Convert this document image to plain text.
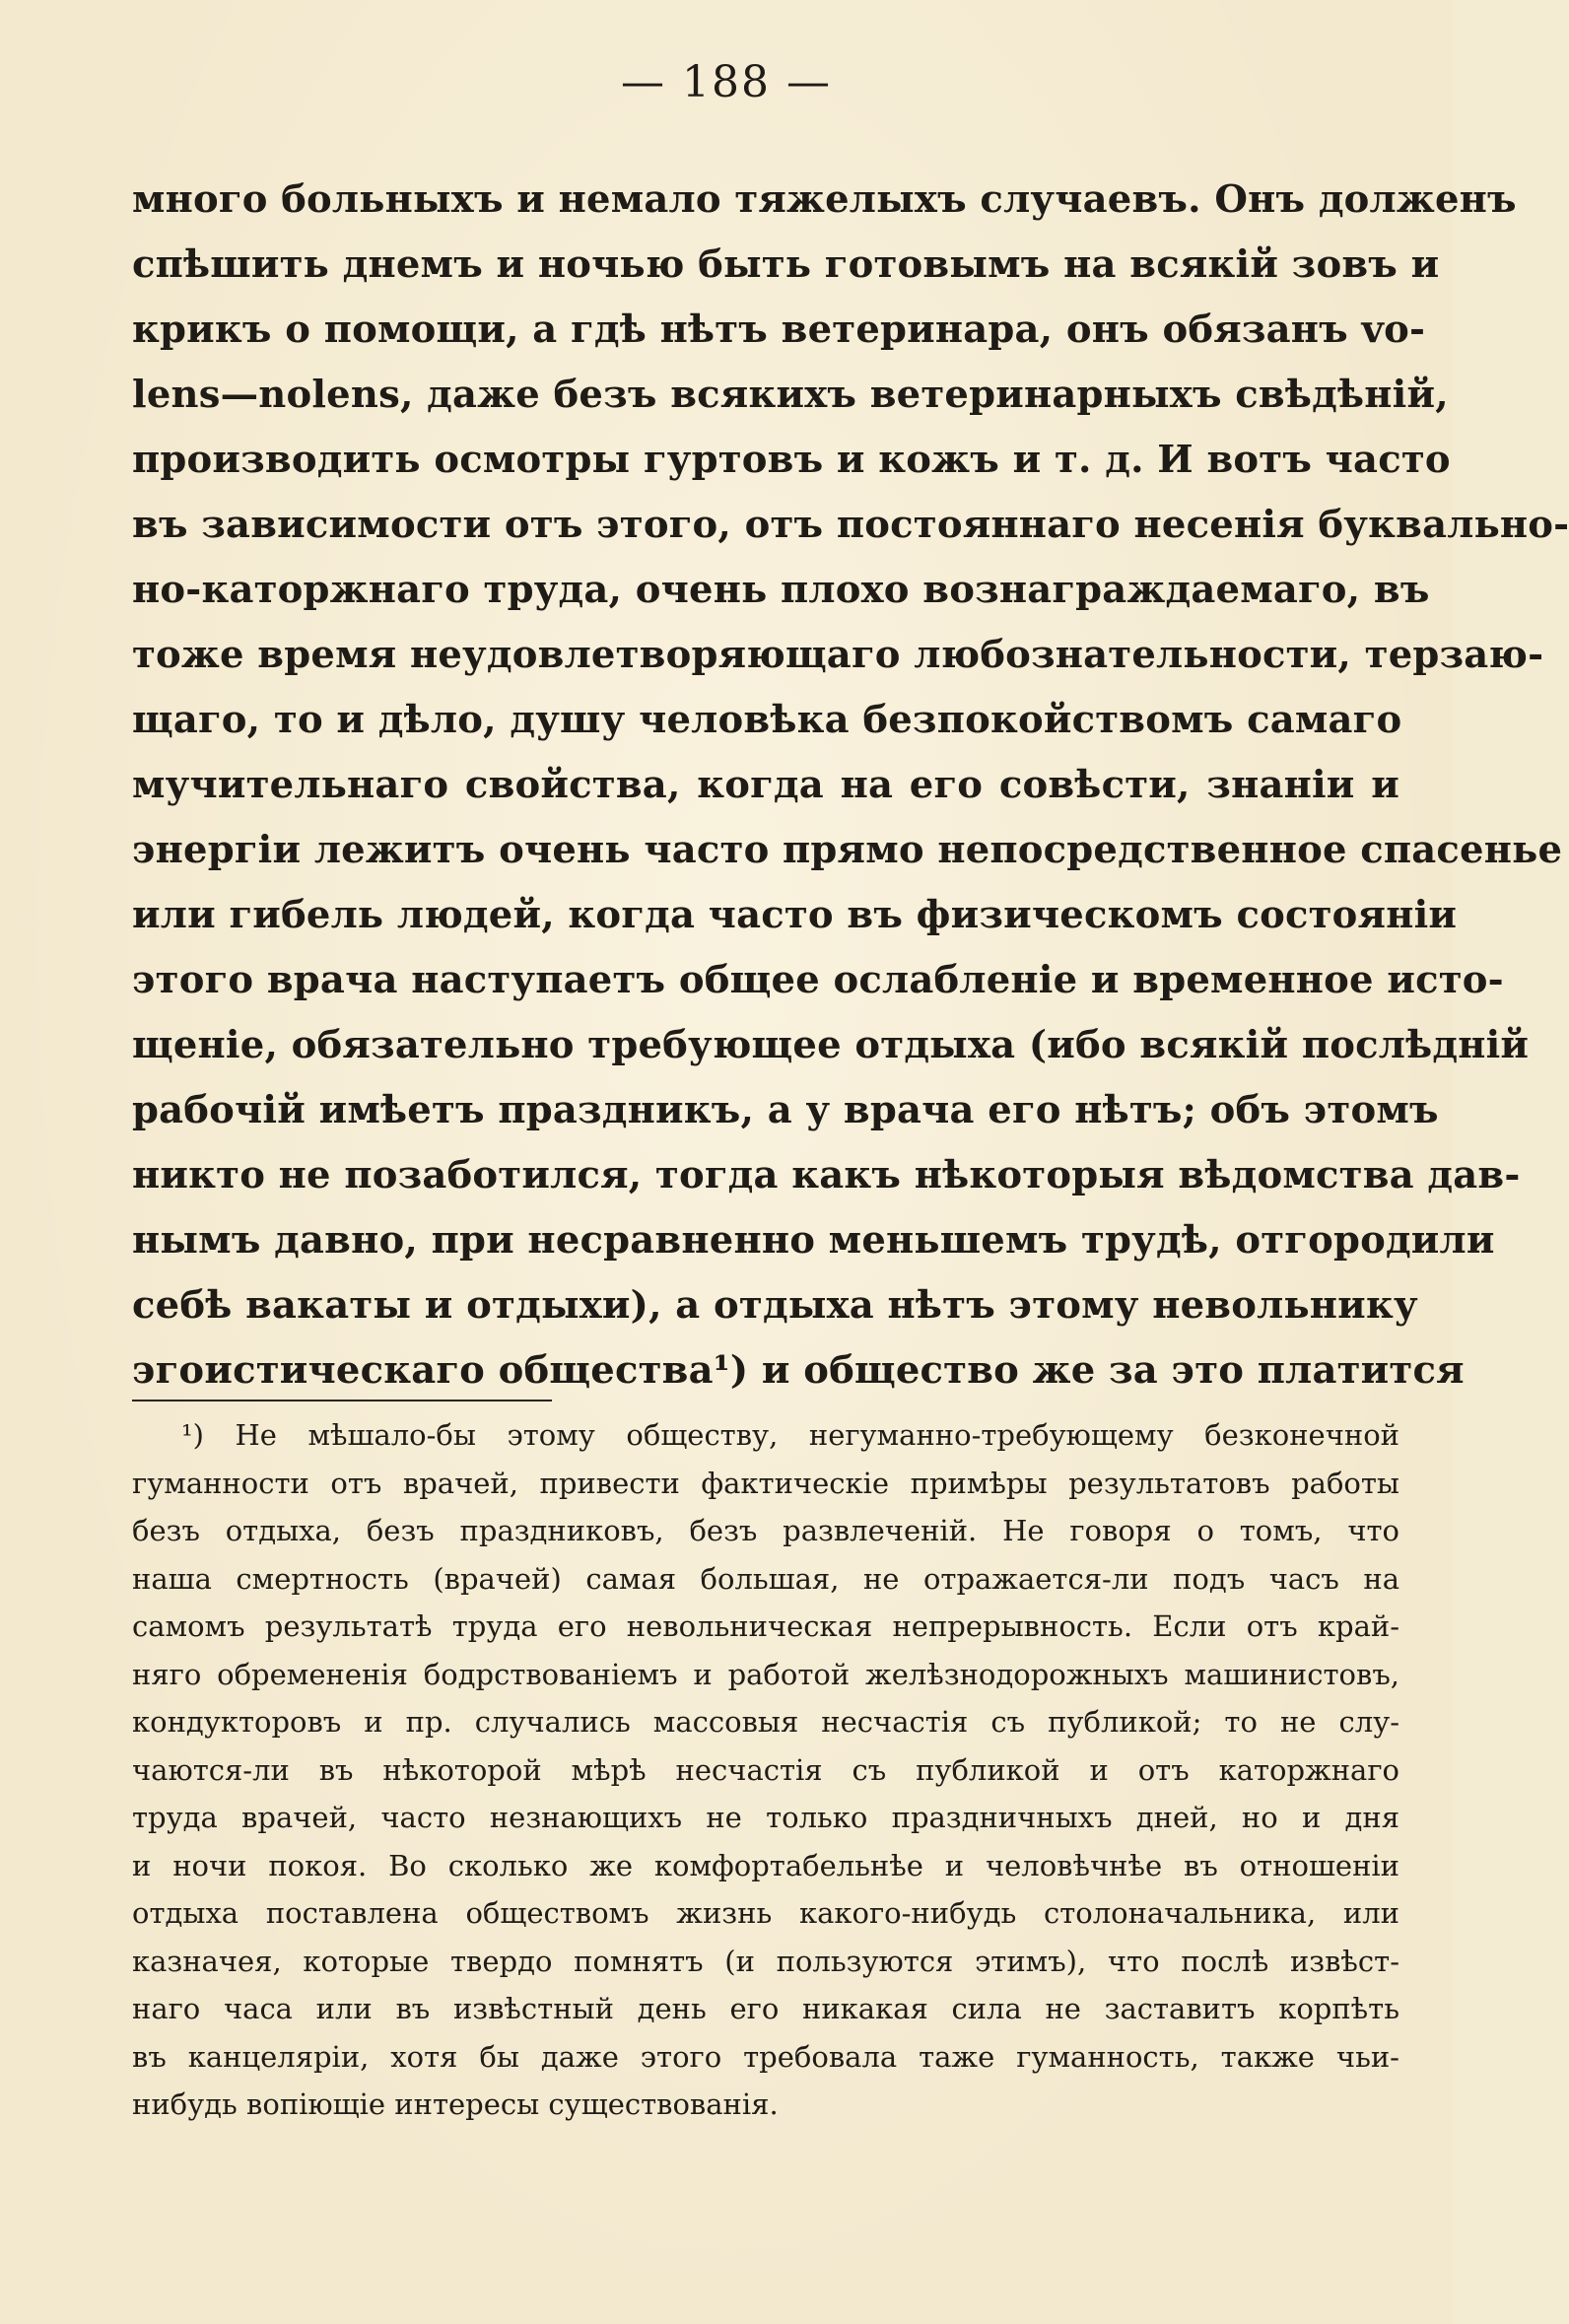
— 188 —
много больныхъ и немало тяжелыхъ случаевъ. Онъ долженъ
спѣшить днемъ и ночью быть готовымъ на всякій зовъ и
крикъ о помощи, а гдѣ нѣтъ ветеринара, онъ обязанъ vo-
lens—nolens, даже безъ всякихъ ветеринарныхъ свѣдѣній,
производить осмотры гуртовъ и кожъ и т. д. И вотъ часто
въ зависимости отъ этого, отъ постояннаго несенія буквально-
но-каторжнаго труда, очень плохо вознаграждаемаго, въ
тоже время неудовлетворяющаго любознательности, терзаю-
щаго, то и дѣло, душу человѣка безпокойствомъ самаго
мучительнаго свойства, когда на его совѣсти, знаніи и
энергіи лежитъ очень часто прямо непосредственное спасенье
или гибель людей, когда часто въ физическомъ состояніи
этого врача наступаетъ общее ослабленіе и временное исто-
щеніе, обязательно требующее отдыха (ибо всякій послѣдній
рабочій имѣетъ праздникъ, а у врача его нѣтъ; объ этомъ
никто не позаботился, тогда какъ нѣкоторыя вѣдомства дав-
нымъ давно, при несравненно меньшемъ трудѣ, отгородили
себѣ вакаты и отдыхи), а отдыха нѣтъ этому невольнику
эгоистическаго общества¹) и общество же за это платится
¹) Не мѣшало-бы этому обществу, негуманно-требующему безконечной
гуманности отъ врачей, привести фактическіе примѣры результатовъ работы
безъ отдыха, безъ праздниковъ, безъ развлеченій. Не говоря о томъ, что
наша смертность (врачей) самая большая, не отражается-ли подъ часъ на
самомъ результатѣ труда его невольническая непрерывность. Если отъ край-
няго обремененія бодрствованіемъ и работой желѣзнодорожныхъ машинистовъ,
кондукторовъ и пр. случались массовыя несчастія съ публикой; то не слу-
чаются-ли въ нѣкоторой мѣрѣ несчастія съ публикой и отъ каторжнаго
труда врачей, часто незнающихъ не только праздничныхъ дней, но и дня
и ночи покоя. Во сколько же комфортабельнѣе и человѣчнѣе въ отношеніи
отдыха поставлена обществомъ жизнь какого-нибудь столоначальника, или
казначея, которые твердо помнятъ (и пользуются этимъ), что послѣ извѣст-
наго часа или въ извѣстный день его никакая сила не заставитъ корпѣть
въ канцеляріи, хотя бы даже этого требовала таже гуманность, также чьи-
нибудь вопіющіе интересы существованія.
